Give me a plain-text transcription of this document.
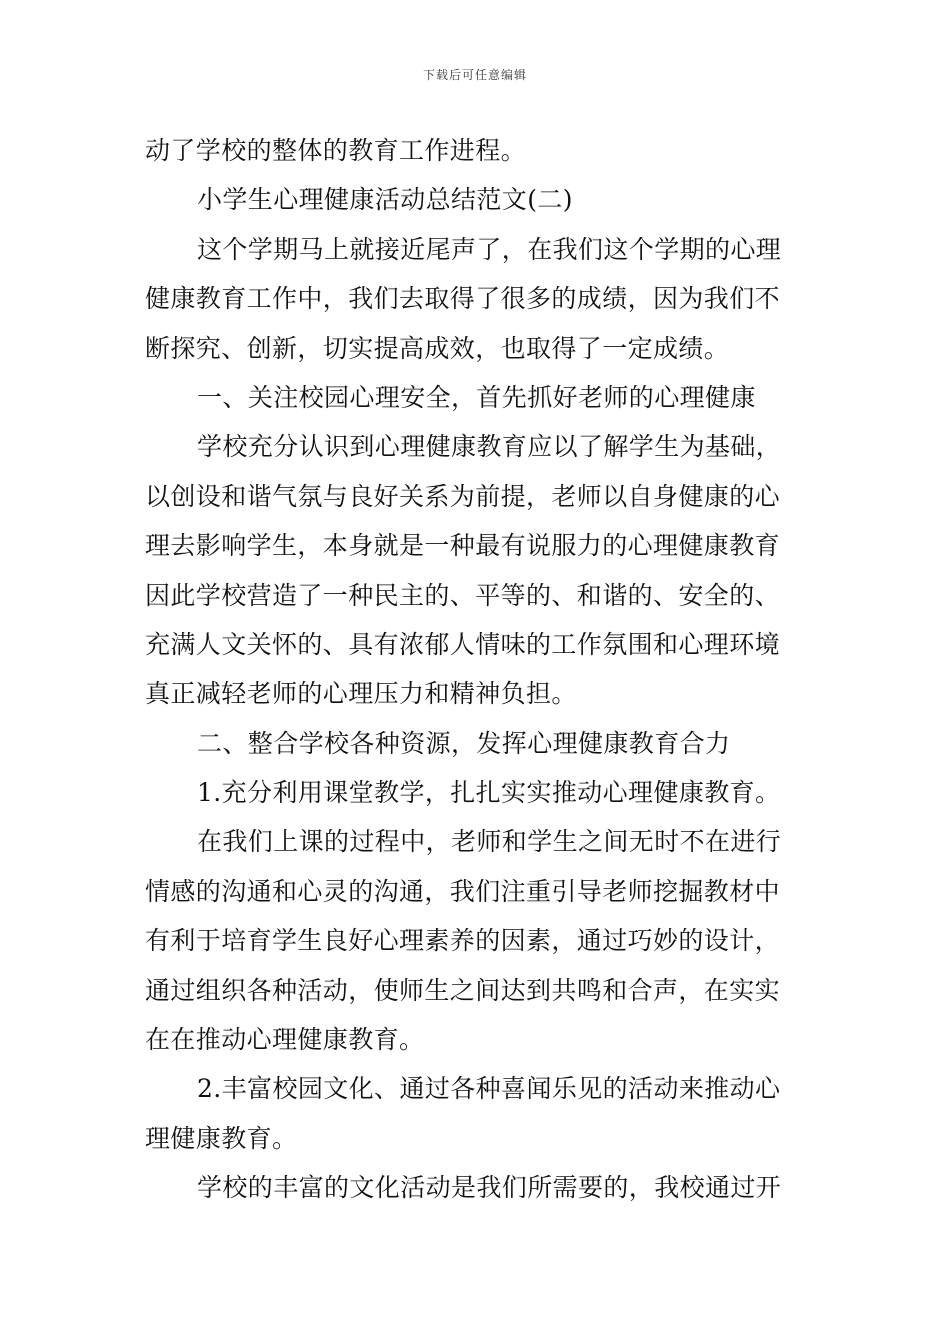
下载后可任意编辑
动了学校的整体的教育工作进程。
小学生心理健康活动总结范文(二)
这个学期马上就接近尾声了，在我们这个学期的心理
健康教育工作中，我们去取得了很多的成绩，因为我们不
断探究、创新，切实提高成效，也取得了一定成绩。
一、关注校园心理安全，首先抓好老师的心理健康
学校充分认识到心理健康教育应以了解学生为基础，
以创设和谐气氛与良好关系为前提，老师以自身健康的心
理去影响学生，本身就是一种最有说服力的心理健康教育
因此学校营造了一种民主的、平等的、和谐的、安全的、
充满人文关怀的、具有浓郁人情味的工作氛围和心理环境
真正减轻老师的心理压力和精神负担。
二、整合学校各种资源，发挥心理健康教育合力
1.充分利用课堂教学，扎扎实实推动心理健康教育。
在我们上课的过程中，老师和学生之间无时不在进行
情感的沟通和心灵的沟通，我们注重引导老师挖掘教材中
有利于培育学生良好心理素养的因素，通过巧妙的设计，
通过组织各种活动，使师生之间达到共鸣和合声，在实实
在在推动心理健康教育。
2.丰富校园文化、通过各种喜闻乐见的活动来推动心
理健康教育。
学校的丰富的文化活动是我们所需要的，我校通过开
